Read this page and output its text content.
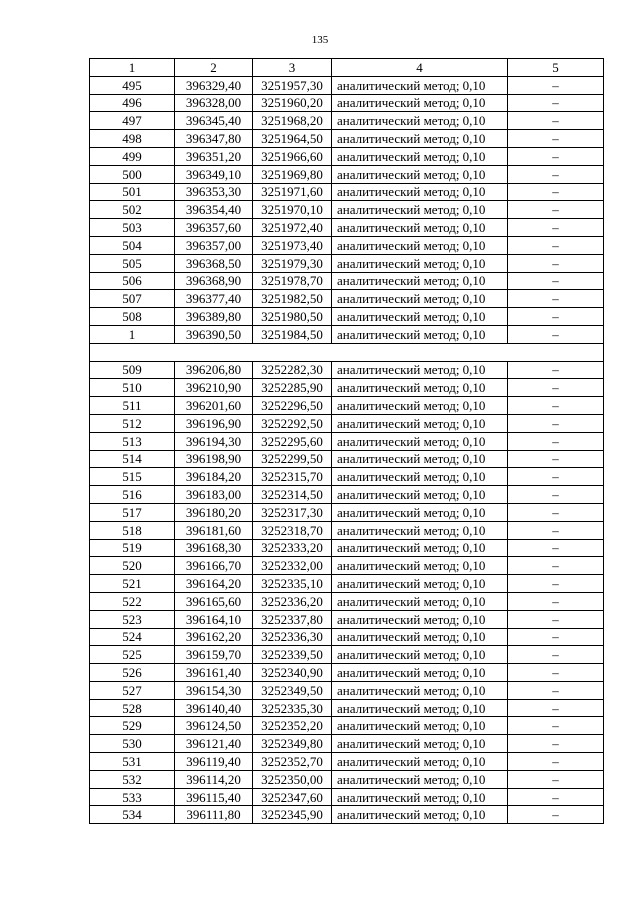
135
1	2	3	4	5
495	396329,40	3251957,30	аналитический метод; 0,10	–
496	396328,00	3251960,20	аналитический метод; 0,10	–
497	396345,40	3251968,20	аналитический метод; 0,10	–
498	396347,80	3251964,50	аналитический метод; 0,10	–
499	396351,20	3251966,60	аналитический метод; 0,10	–
500	396349,10	3251969,80	аналитический метод; 0,10	–
501	396353,30	3251971,60	аналитический метод; 0,10	–
502	396354,40	3251970,10	аналитический метод; 0,10	–
503	396357,60	3251972,40	аналитический метод; 0,10	–
504	396357,00	3251973,40	аналитический метод; 0,10	–
505	396368,50	3251979,30	аналитический метод; 0,10	–
506	396368,90	3251978,70	аналитический метод; 0,10	–
507	396377,40	3251982,50	аналитический метод; 0,10	–
508	396389,80	3251980,50	аналитический метод; 0,10	–
1	396390,50	3251984,50	аналитический метод; 0,10	–

509	396206,80	3252282,30	аналитический метод; 0,10	–
510	396210,90	3252285,90	аналитический метод; 0,10	–
511	396201,60	3252296,50	аналитический метод; 0,10	–
512	396196,90	3252292,50	аналитический метод; 0,10	–
513	396194,30	3252295,60	аналитический метод; 0,10	–
514	396198,90	3252299,50	аналитический метод; 0,10	–
515	396184,20	3252315,70	аналитический метод; 0,10	–
516	396183,00	3252314,50	аналитический метод; 0,10	–
517	396180,20	3252317,30	аналитический метод; 0,10	–
518	396181,60	3252318,70	аналитический метод; 0,10	–
519	396168,30	3252333,20	аналитический метод; 0,10	–
520	396166,70	3252332,00	аналитический метод; 0,10	–
521	396164,20	3252335,10	аналитический метод; 0,10	–
522	396165,60	3252336,20	аналитический метод; 0,10	–
523	396164,10	3252337,80	аналитический метод; 0,10	–
524	396162,20	3252336,30	аналитический метод; 0,10	–
525	396159,70	3252339,50	аналитический метод; 0,10	–
526	396161,40	3252340,90	аналитический метод; 0,10	–
527	396154,30	3252349,50	аналитический метод; 0,10	–
528	396140,40	3252335,30	аналитический метод; 0,10	–
529	396124,50	3252352,20	аналитический метод; 0,10	–
530	396121,40	3252349,80	аналитический метод; 0,10	–
531	396119,40	3252352,70	аналитический метод; 0,10	–
532	396114,20	3252350,00	аналитический метод; 0,10	–
533	396115,40	3252347,60	аналитический метод; 0,10	–
534	396111,80	3252345,90	аналитический метод; 0,10	–
